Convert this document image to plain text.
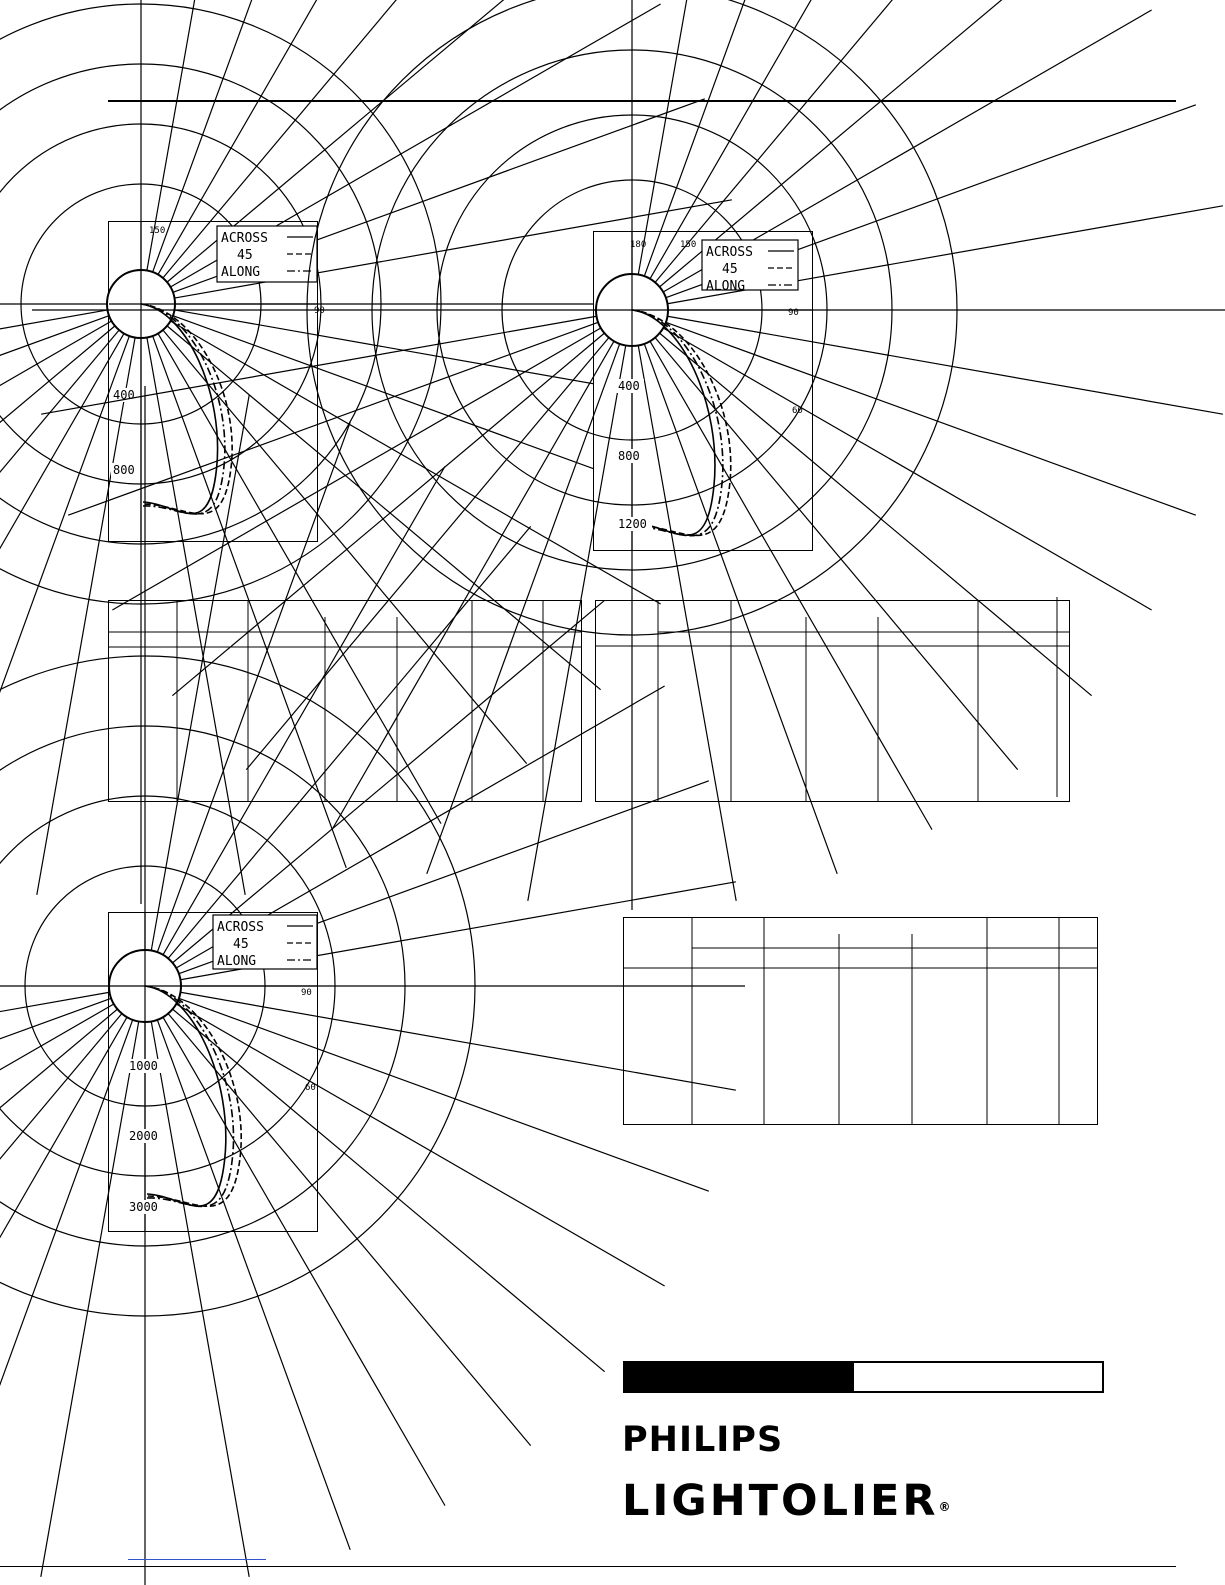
150
90
400
800
ACROSS
45
ALONG
180	150
90
60
400
800
1200
ACROSS
45
ALONG
90
60
1000
2000
3000
ACROSS
45
ALONG
PHILIPS
LIGHTOLIER®
